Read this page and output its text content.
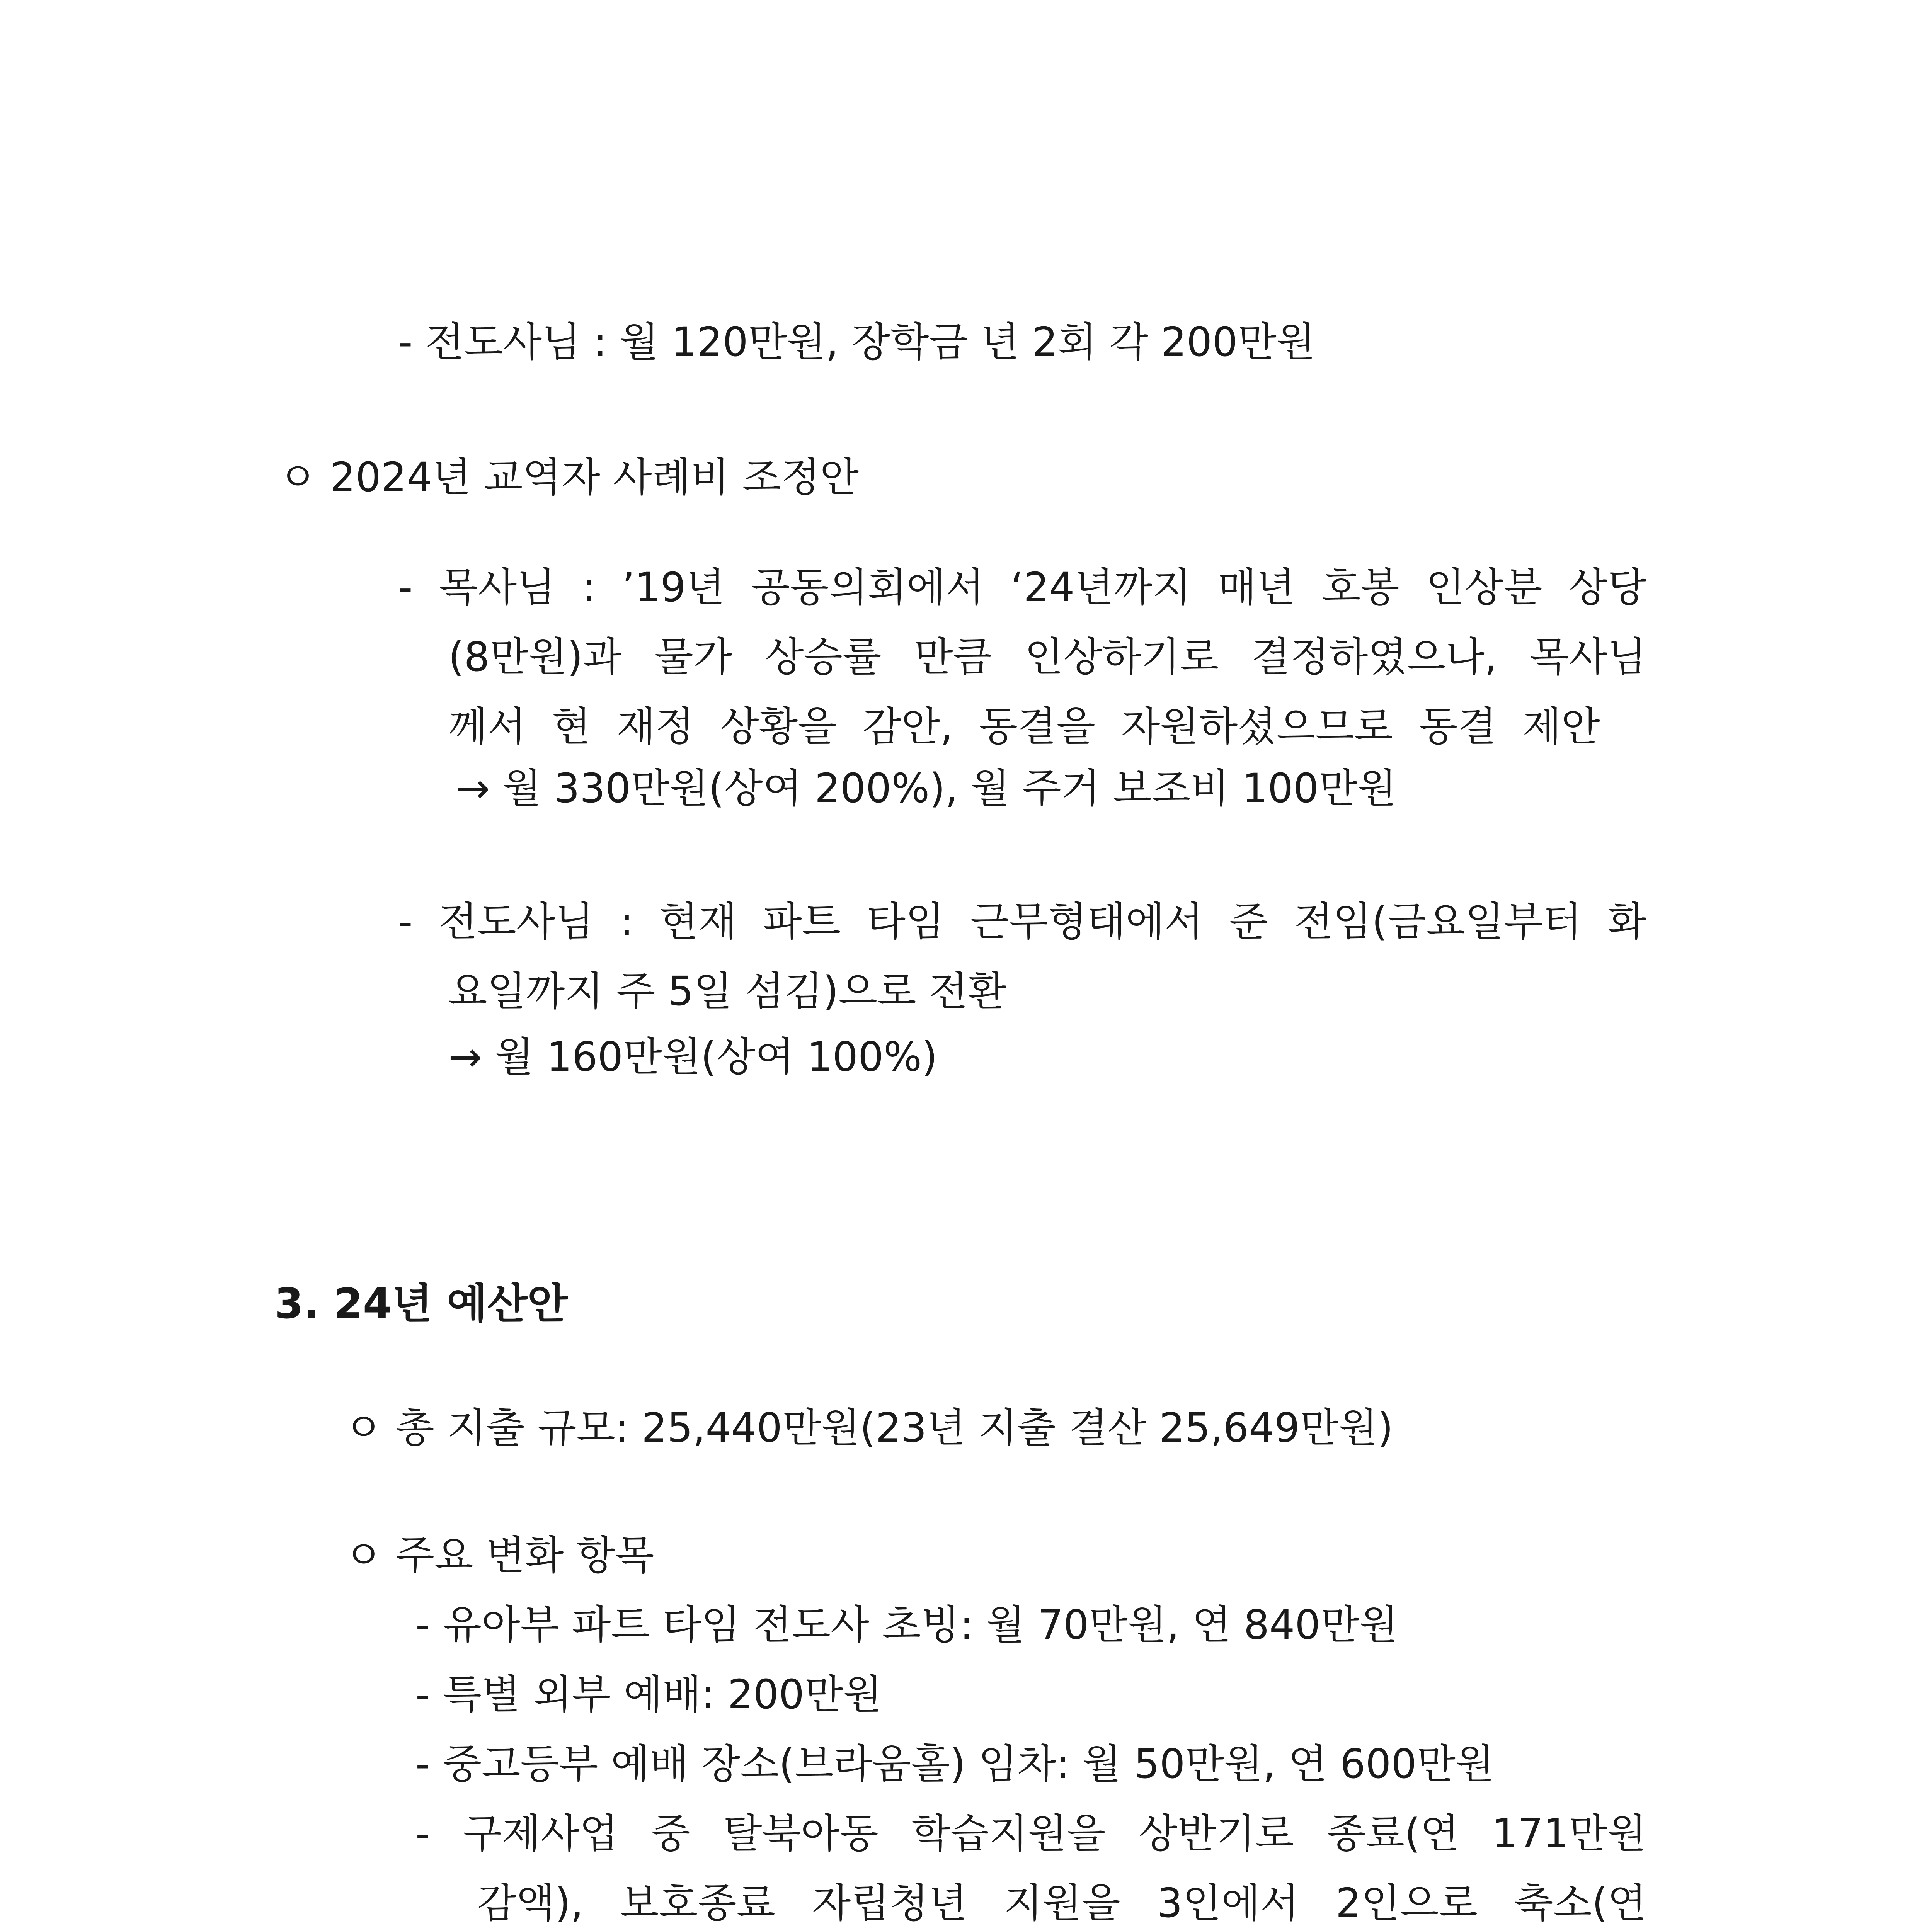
- 전도사님 : 월 120만원, 장학금 년 2회 각 200만원
ㅇ 2024년 교역자 사례비 조정안
- 목사님 : ’19년 공동의회에서 ‘24년까지 매년 호봉 인상분 상당
(8만원)과 물가 상승률 만큼 인상하기로 결정하였으나, 목사님
께서 현 재정 상황을 감안, 동결을 자원하셨으므로 동결 제안
→ 월 330만원(상여 200%), 월 주거 보조비 100만원
- 전도사님 : 현재 파트 타임 근무형태에서 준 전임(금요일부터 화
요일까지 주 5일 섬김)으로 전환
→ 월 160만원(상여 100%)
3. 24년 예산안
ㅇ 총 지출 규모: 25,440만원(23년 지출 결산 25,649만원)
ㅇ 주요 변화 항목
- 유아부 파트 타임 전도사 초빙: 월 70만원, 연 840만원
- 특별 외부 예배: 200만원
- 중고등부 예배 장소(브라움홀) 임차: 월 50만원, 연 600만원
- 구제사업 중 탈북아동 학습지원을 상반기로 종료(연 171만원
감액), 보호종료 자립청년 지원을 3인에서 2인으로 축소(연
